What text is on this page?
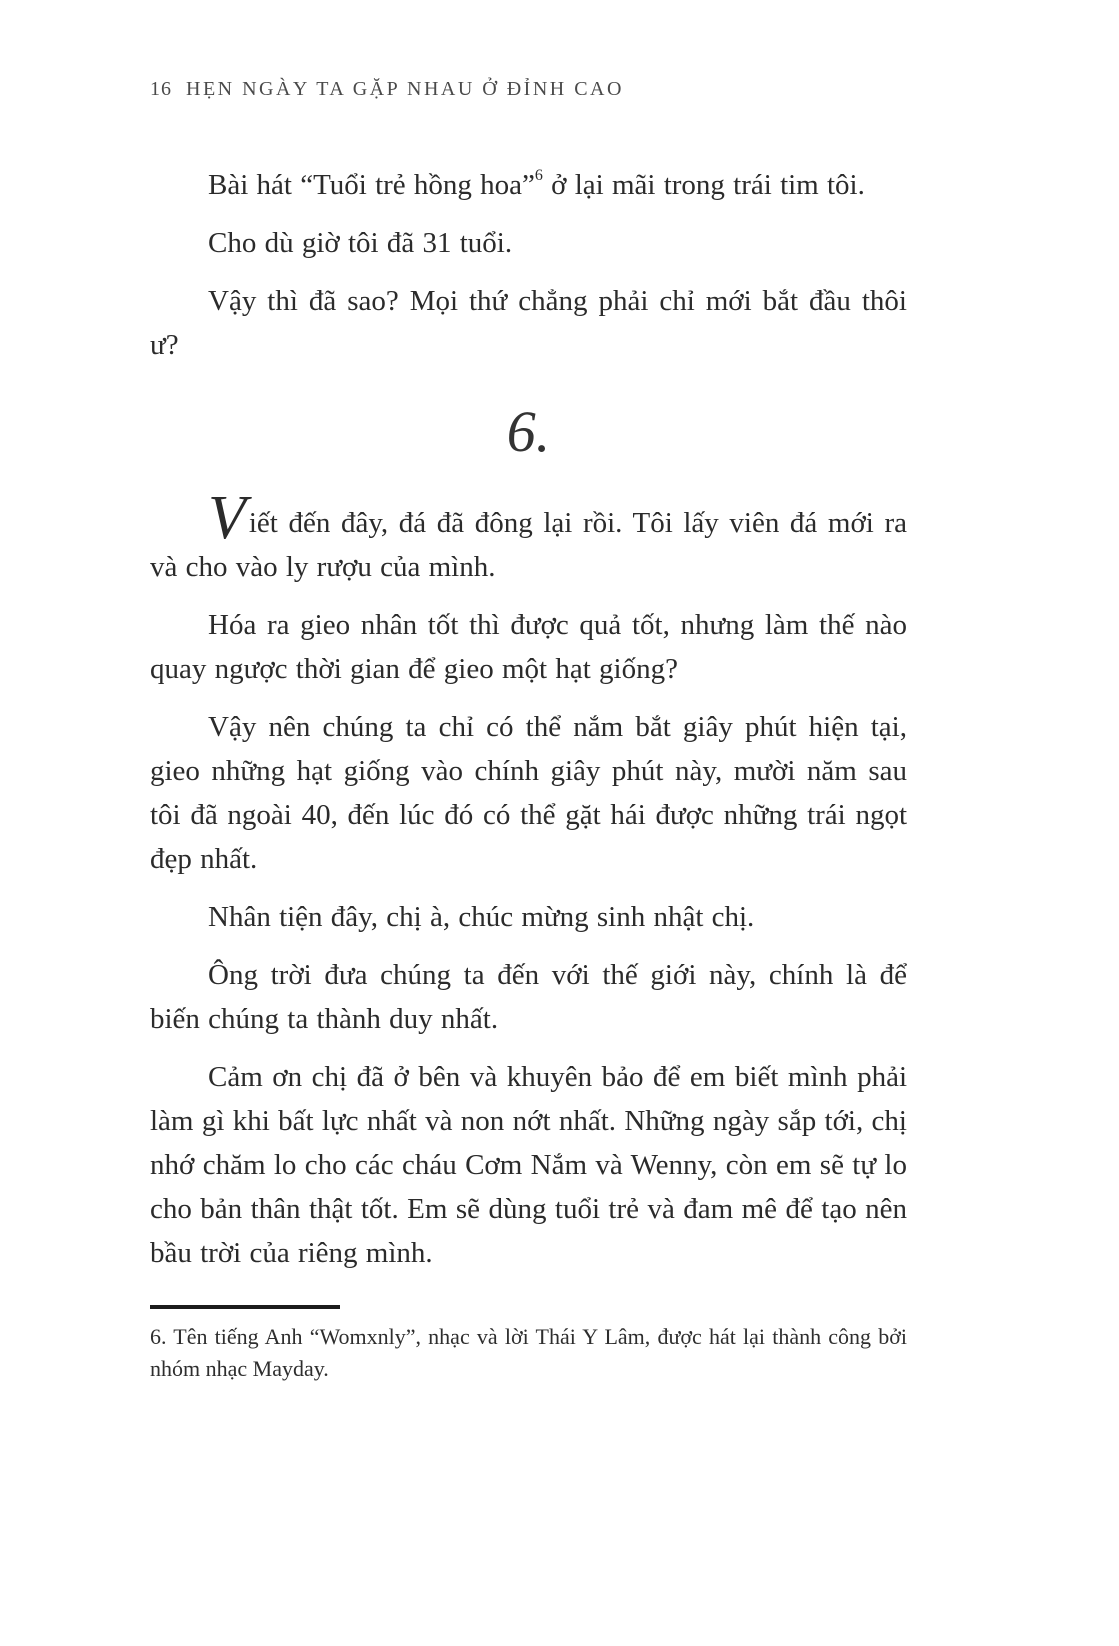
16 HẸN NGÀY TA GẶP NHAU Ở ĐỈNH CAO

Bài hát “Tuổi trẻ hồng hoa”$^6$ ở lại mãi trong trái tim tôi.

Cho dù giờ tôi đã 31 tuổi.

Vậy thì đã sao? Mọi thứ chẳng phải chỉ mới bắt đầu thôi ư?

6.

Viết đến đây, đá đã đông lại rồi. Tôi lấy viên đá mới ra và cho vào ly rượu của mình.

Hóa ra gieo nhân tốt thì được quả tốt, nhưng làm thế nào quay ngược thời gian để gieo một hạt giống?

Vậy nên chúng ta chỉ có thể nắm bắt giây phút hiện tại, gieo những hạt giống vào chính giây phút này, mười năm sau tôi đã ngoài 40, đến lúc đó có thể gặt hái được những trái ngọt đẹp nhất.

Nhân tiện đây, chị à, chúc mừng sinh nhật chị.

Ông trời đưa chúng ta đến với thế giới này, chính là để biến chúng ta thành duy nhất.

Cảm ơn chị đã ở bên và khuyên bảo để em biết mình phải làm gì khi bất lực nhất và non nớt nhất. Những ngày sắp tới, chị nhớ chăm lo cho các cháu Cơm Nắm và Wenny, còn em sẽ tự lo cho bản thân thật tốt. Em sẽ dùng tuổi trẻ và đam mê để tạo nên bầu trời của riêng mình.

6. Tên tiếng Anh “Womxnly”, nhạc và lời Thái Y Lâm, được hát lại thành công bởi nhóm nhạc Mayday.
